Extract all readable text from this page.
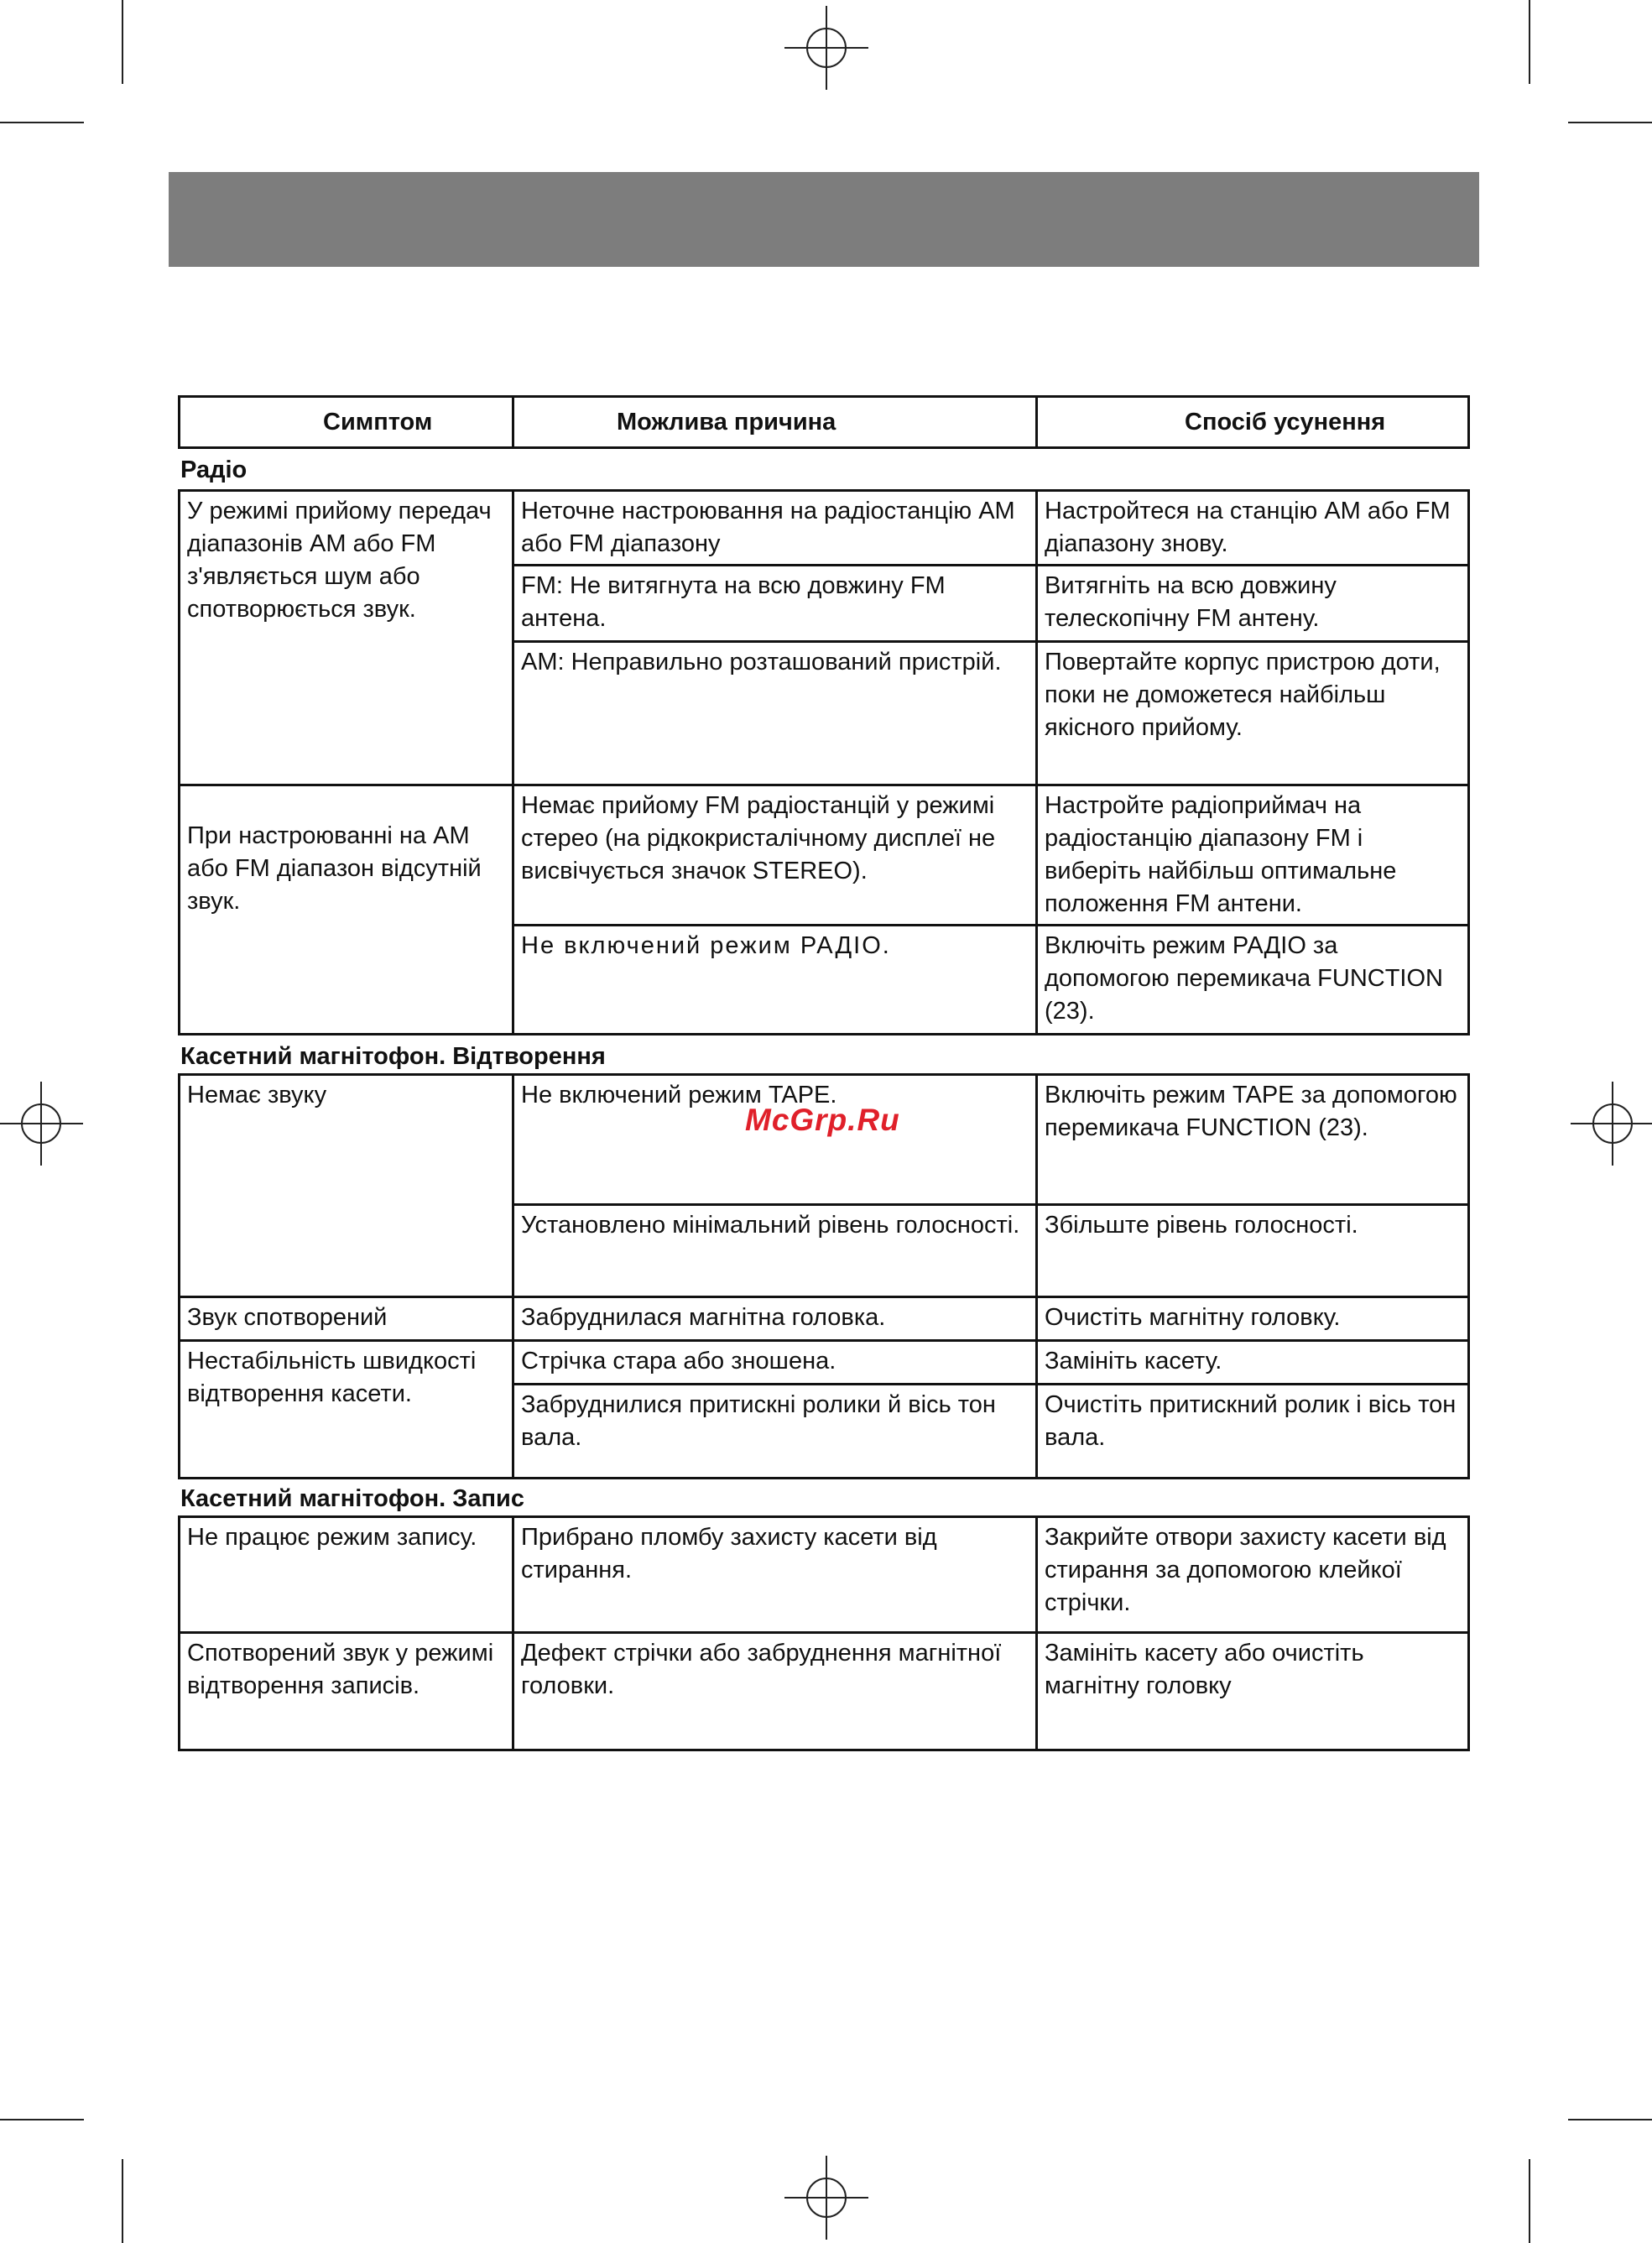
Симптом	Можлива причина	Спосіб усунення
Радіо
У режимі прийому передач діапазонів АМ або FM з'являється шум або спотворюється звук.	Неточне настроювання на радіостанцію АМ або FM діапазону	Настройтеся на станцію АМ або FM діапазону знову.
	FM: Не витягнута на всю довжину FM антена.	Витягніть на всю довжину телескопічну FM антену.
	АМ: Неправильно розташований пристрій.	Повертайте корпус пристрою доти, поки не доможетеся найбільш якісного прийому.
При настроюванні на АМ або FM діапазон відсутній звук.	Немає прийому FM радіостанцій у режимі стерео (на рідкокристалічному дисплеї не висвічується значок STEREO).	Настройте радіоприймач на радіостанцію діапазону FM і виберіть найбільш оптимальне положення FM антени.
	Не включений режим РАДІО.	Включіть режим РАДІО за допомогою перемикача FUNCTION (23).
Касетний магнітофон. Відтворення
Немає звуку	Не включений режим TAPE.	Включіть режим TAPE за допомогою перемикача FUNCTION (23).
	Установлено мінімальний рівень голосності.	Збільште рівень голосності.
Звук спотворений	Забруднилася магнітна головка.	Очистіть магнітну головку.
Нестабільність швидкості відтворення касети.	Стрічка стара або зношена.	Замініть касету.
	Забруднилися притискні ролики й вісь тон вала.	Очистіть притискний ролик і вісь тон вала.
Касетний магнітофон. Запис
Не працює режим запису.	Прибрано пломбу захисту касети від стирання.	Закрийте отвори захисту касети від стирання за допомогою клейкої стрічки.
Спотворений звук у режимі відтворення записів.	Дефект стрічки або забруднення магнітної головки.	Замініть касету або очистіть магнітну головку
McGrp.Ru
